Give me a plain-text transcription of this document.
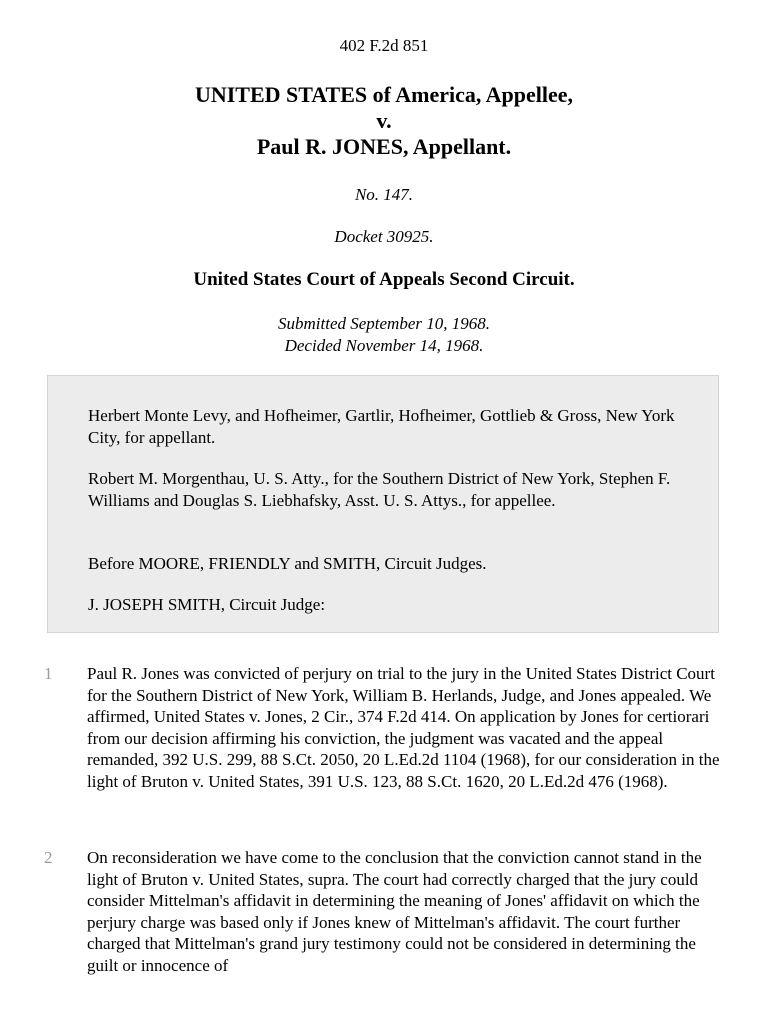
402 F.2d 851
UNITED STATES of America, Appellee,
v.
Paul R. JONES, Appellant.
No. 147.
Docket 30925.
United States Court of Appeals Second Circuit.
Submitted September 10, 1968.
Decided November 14, 1968.

Herbert Monte Levy, and Hofheimer, Gartlir, Hofheimer, Gottlieb & Gross, New York City, for appellant.

Robert M. Morgenthau, U. S. Atty., for the Southern District of New York, Stephen F. Williams and Douglas S. Liebhafsky, Asst. U. S. Attys., for appellee.

Before MOORE, FRIENDLY and SMITH, Circuit Judges.

J. JOSEPH SMITH, Circuit Judge:

1 Paul R. Jones was convicted of perjury on trial to the jury in the United States District Court for the Southern District of New York, William B. Herlands, Judge, and Jones appealed. We affirmed, United States v. Jones, 2 Cir., 374 F.2d 414. On application by Jones for certiorari from our decision affirming his conviction, the judgment was vacated and the appeal remanded, 392 U.S. 299, 88 S.Ct. 2050, 20 L.Ed.2d 1104 (1968), for our consideration in the light of Bruton v. United States, 391 U.S. 123, 88 S.Ct. 1620, 20 L.Ed.2d 476 (1968).

2 On reconsideration we have come to the conclusion that the conviction cannot stand in the light of Bruton v. United States, supra. The court had correctly charged that the jury could consider Mittelman's affidavit in determining the meaning of Jones' affidavit on which the perjury charge was based only if Jones knew of Mittelman's affidavit. The court further charged that Mittelman's grand jury testimony could not be considered in determining the guilt or innocence of
